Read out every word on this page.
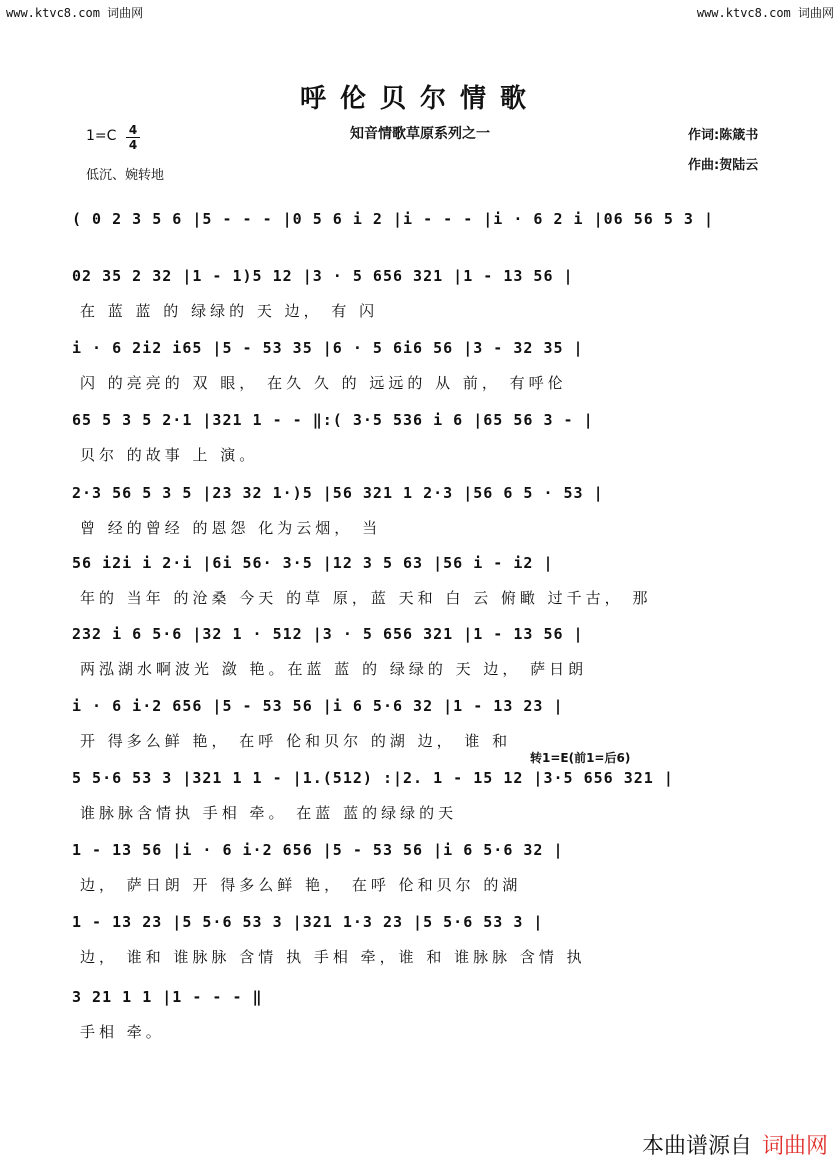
www.ktvc8.com 词曲网	www.ktvc8.com 词曲网
呼伦贝尔情歌
知音情歌草原系列之一
1=C 4
4
低沉、婉转地
作词:陈箴书
作曲:贺陆云
( 0 2 3 5 6 |5 - - - |0 5 6 i 2 |i - - - |i · 6 2 i |06 56 5 3 |
02 35 2 32 |1 - 1)5 12 |3 · 5 656 321 |1 - 13 56 |
在 蓝 蓝 的 绿绿的 天 边， 有 闪
i · 6 2i2 i65 |5 - 53 35 |6 · 5 6i6 56 |3 - 32 35 |
闪 的亮亮的 双 眼， 在久 久 的 远远的 从 前， 有呼伦
65 5 3 5 2·1 |321 1 - - ‖:( 3·5 536 i 6 |65 56 3 - |
贝尔 的故事 上 演。
2·3 56 5 3 5 |23 32 1·)5 |56 321 1 2·3 |56 6 5 · 53 |
曾 经的曾经 的恩怨 化为云烟， 当
56 i2i i 2·i |6i 56· 3·5 |12 3 5 63 |56 i - i2 |
年的 当年 的沧桑 今天 的草 原，蓝 天和 白 云 俯瞰 过千古， 那
232 i 6 5·6 |32 1 · 512 |3 · 5 656 321 |1 - 13 56 |
两泓湖水啊波光 潋 艳。在蓝 蓝 的 绿绿的 天 边， 萨日朗
i · 6 i·2 656 |5 - 53 56 |i 6 5·6 32 |1 - 13 23 |
开 得多么鲜 艳， 在呼 伦和贝尔 的湖 边， 谁 和
5 5·6 53 3 |321 1 1 - |1.(512) :|2. 1 - 15 12 |3·5 656 321 |
谁脉脉含情执 手相 牵。 在蓝 蓝的绿绿的天
1 - 13 56 |i · 6 i·2 656 |5 - 53 56 |i 6 5·6 32 |
边， 萨日朗 开 得多么鲜 艳， 在呼 伦和贝尔 的湖
1 - 13 23 |5 5·6 53 3 |321 1·3 23 |5 5·6 53 3 |
边， 谁和 谁脉脉 含情 执 手相 牵，谁 和 谁脉脉 含情 执
3 21 1 1 |1 - - - ‖
手相 牵。
转1=E(前1=后6)
本曲谱源自 词曲网
